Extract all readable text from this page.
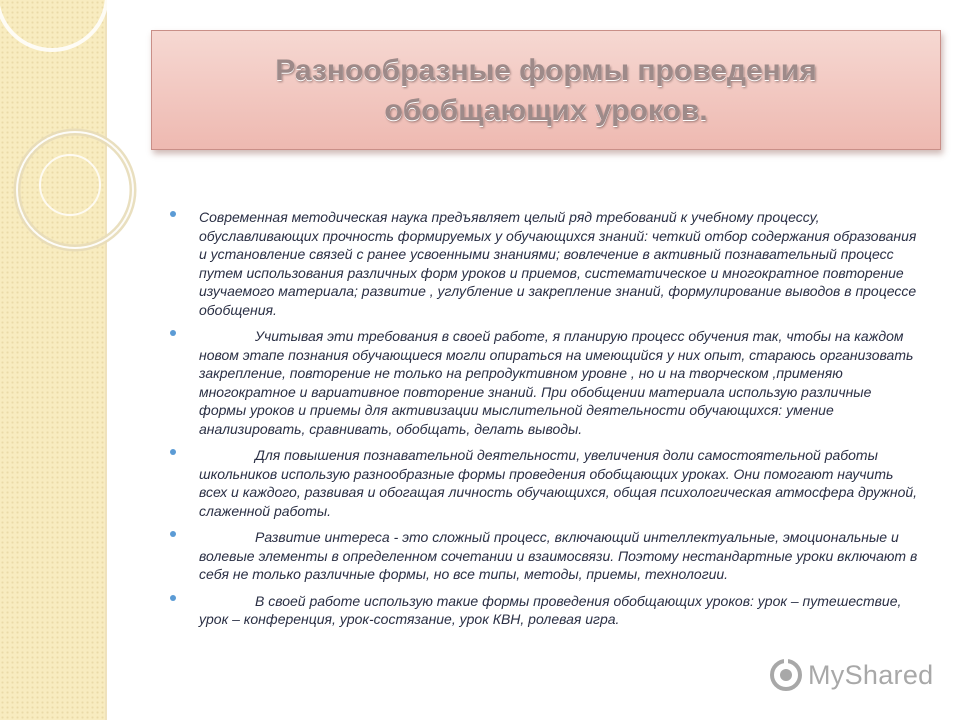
Разнообразные формы проведения
обобщающих уроков.
Современная методическая наука предъявляет целый ряд требований к учебному процессу, обуславливающих прочность формируемых у обучающихся знаний: четкий отбор содержания образования и установление связей с ранее усвоенными знаниями; вовлечение в активный познавательный процесс путем использования различных форм уроков и приемов, систематическое и многократное повторение изучаемого материала; развитие , углубление и закрепление знаний, формулирование выводов в процессе обобщения.
Учитывая эти требования в своей работе, я планирую процесс обучения так, чтобы на каждом новом этапе познания обучающиеся могли опираться на имеющийся у них опыт, стараюсь организовать закрепление, повторение не только на репродуктивном уровне , но и на творческом ,применяю многократное и вариативное повторение знаний. При обобщении материала использую различные формы уроков и приемы для активизации мыслительной деятельности обучающихся: умение анализировать, сравнивать, обобщать, делать выводы.
Для повышения познавательной деятельности, увеличения доли самостоятельной работы школьников использую разнообразные формы проведения обобщающих уроках. Они помогают научить всех и каждого, развивая и обогащая личность обучающихся, общая психологическая атмосфера дружной, слаженной работы.
Развитие интереса - это сложный процесс, включающий интеллектуальные, эмоциональные и волевые элементы в определенном сочетании и взаимосвязи. Поэтому нестандартные уроки включают в себя не только различные формы, но все типы, методы, приемы, технологии.
В своей работе использую такие формы проведения обобщающих уроков: урок – путешествие, урок – конференция, урок-состязание, урок КВН, ролевая игра.
MyShared
